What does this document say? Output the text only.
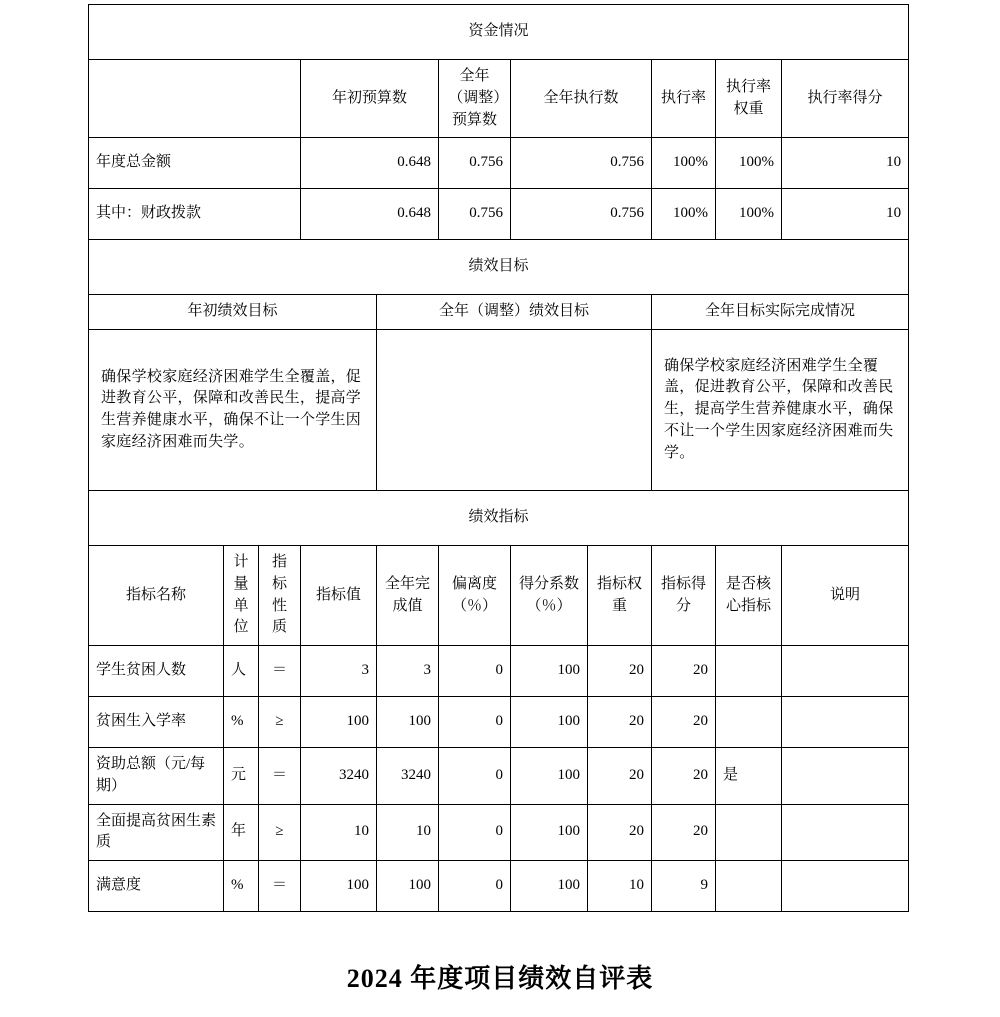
资金情况										
			年初预算数		全年（调整）预算数	全年执行数		执行率	执行率权重	执行率得分
年度总金额			0.648		0.756	0.756		100%	100%	10
其中：财政拨款			0.648		0.756	0.756		100%	100%	10
绩效目标										
年初绩效目标				全年（调整）绩效目标				全年目标实际完成情况		
确保学校家庭经济困难学生全覆盖，促进教育公平，保障和改善民生，提高学生营养健康水平，确保不让一个学生因家庭经济困难而失学。								确保学校家庭经济困难学生全覆盖，促进教育公平，保障和改善民生，提高学生营养健康水平，确保不让一个学生因家庭经济困难而失学。		
绩效指标										
指标名称	计量单位	指标性质	指标值	全年完成值	偏离度（％）	得分系数（％）	指标权重	指标得分	是否核心指标	说明
学生贫困人数	人	＝	3	3	0	100	20	20		
贫困生入学率	%	≥	100	100	0	100	20	20		
资助总额（元/每期）	元	＝	3240	3240	0	100	20	20	是	
全面提高贫困生素质	年	≥	10	10	0	100	20	20		
满意度	%	＝	100	100	0	100	10	9		
2024 年度项目绩效自评表
